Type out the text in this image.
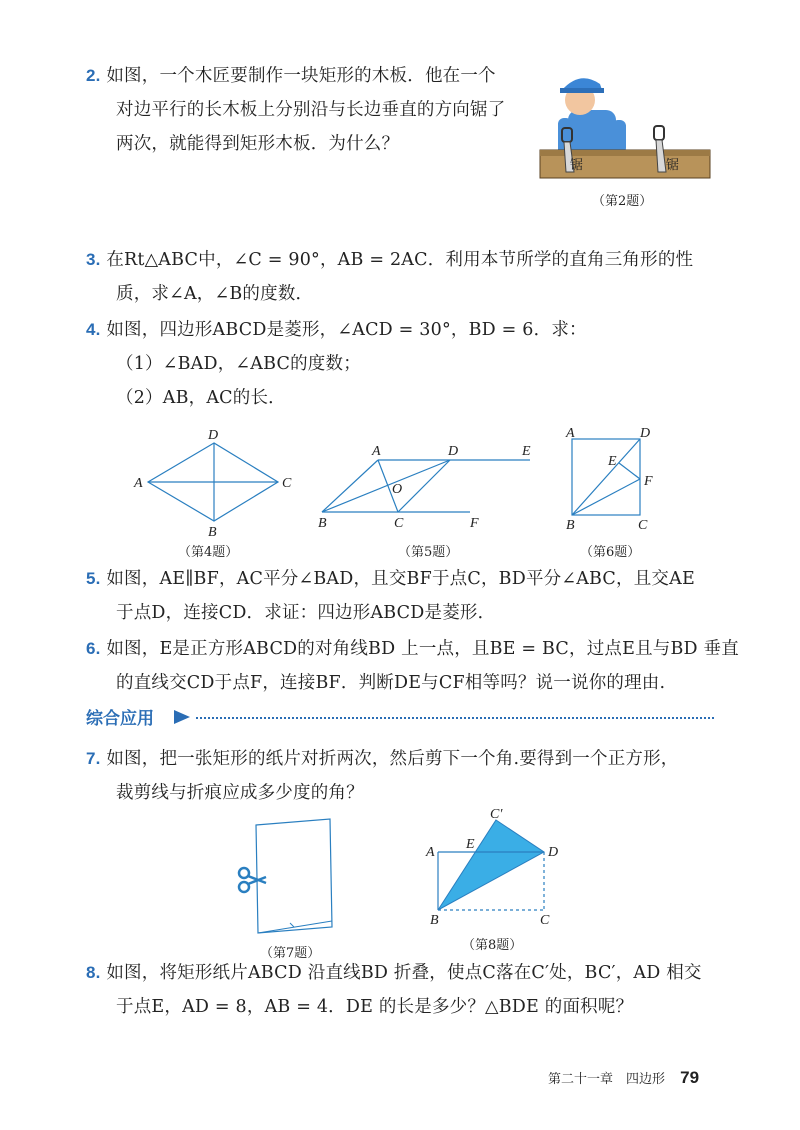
2. 如图，一个木匠要制作一块矩形的木板．他在一个
对边平行的长木板上分别沿与长边垂直的方向锯了
两次，就能得到矩形木板．为什么？
锯	锯
（第2题）
3. 在Rt△ABC中，∠C = 90°，AB = 2AC．利用本节所学的直角三角形的性
质，求∠A，∠B的度数．
4. 如图，四边形ABCD是菱形，∠ACD = 30°，BD = 6．求：
（1）∠BAD，∠ABC的度数；
（2）AB，AC的长．
D
A	C
B
A	D	E
O
B	C	F
A	D
E
F
B	C
（第4题）	（第5题）	（第6题）
5. 如图，AE∥BF，AC平分∠BAD，且交BF于点C，BD平分∠ABC，且交AE
于点D，连接CD．求证：四边形ABCD是菱形．
6. 如图，E是正方形ABCD的对角线BD 上一点，且BE = BC，过点E且与BD 垂直
的直线交CD于点F，连接BF．判断DE与CF相等吗？说一说你的理由.
综合应用
7. 如图，把一张矩形的纸片对折两次，然后剪下一个角.要得到一个正方形，
裁剪线与折痕应成多少度的角？
（第7题）
C′
A
E
D
B	C
（第8题）
8. 如图，将矩形纸片ABCD 沿直线BD 折叠，使点C落在C′处，BC′，AD 相交
于点E，AD = 8，AB = 4．DE 的长是多少？△BDE 的面积呢？
第二十一章　四边形 79
